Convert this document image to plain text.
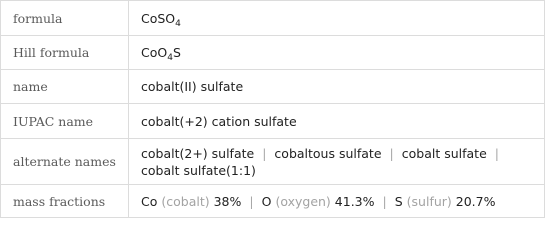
formula	CoSO$_4$
Hill formula	CoO$_4$S
name	cobalt(II) sulfate
IUPAC name	cobalt(+2) cation sulfate
alternate names	cobalt(2+) sulfate | cobaltous sulfate | cobalt sulfate |
cobalt sulfate(1:1)

mass fractions	Co (cobalt) 38% | O (oxygen) 41.3% | S (sulfur) 20.7%
